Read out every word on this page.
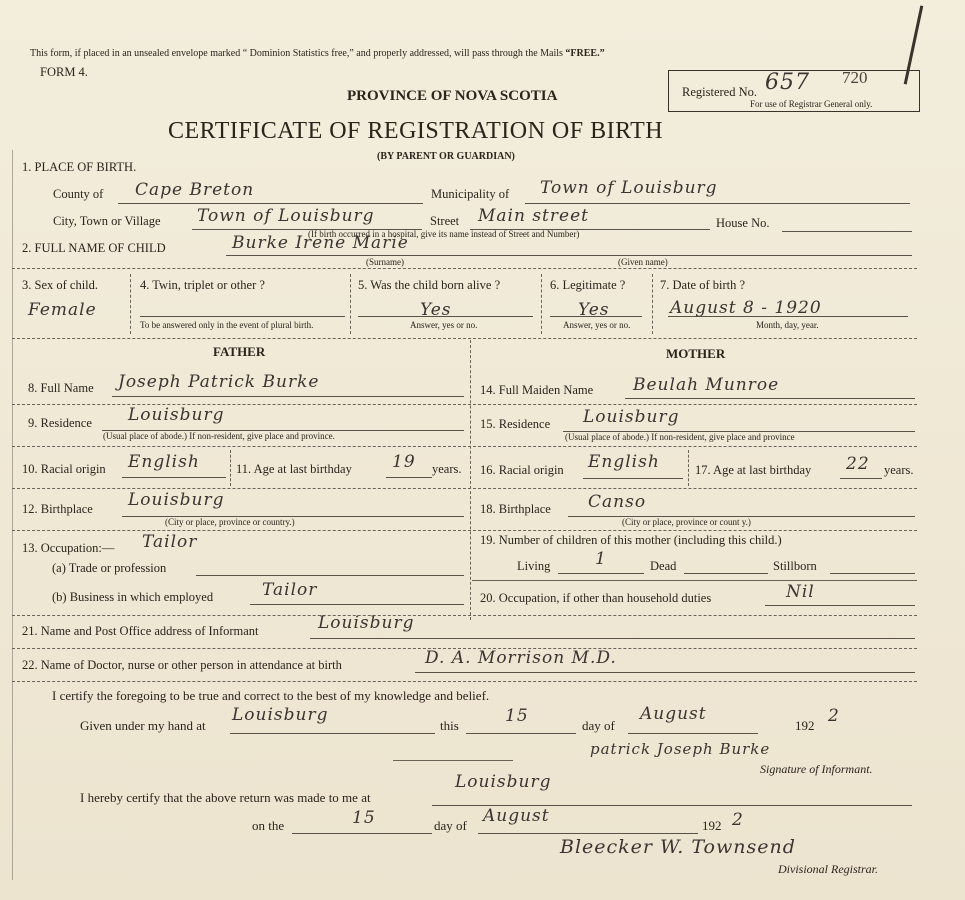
This form, if placed in an unsealed envelope marked “ Dominion Statistics free,” and properly addressed, will pass through the Mails “FREE.”
FORM 4.
PROVINCE OF NOVA SCOTIA
CERTIFICATE OF REGISTRATION OF BIRTH
(BY PARENT OR GUARDIAN)
Registered No. 657 720
For use of Registrar General only.
1. PLACE OF BIRTH.
County of Cape Breton	Municipality of Town of Louisburg
City, Town or Village Town of Louisburg	Street Main street	House No.
(If birth occurred in a hospital, give its name instead of Street and Number)
2. FULL NAME OF CHILD	Burke Irene Marie
(Surname)	(Given name)
3. Sex of child.
Female
4. Twin, triplet or other ?
To be answered only in the event of plural birth.
5. Was the child born alive ?
Yes
Answer, yes or no.
6. Legitimate ?
Yes
Answer, yes or no.
7. Date of birth ?
August 8 - 1920
Month, day, year.
FATHER	MOTHER
8. Full Name Joseph Patrick Burke	14. Full Maiden Name Beulah Munroe
9. Residence Louisburg
(Usual place of abode.) If non-resident, give place and province.
15. Residence Louisburg
(Usual place of abode.) If non-resident, give place and province
10. Racial origin English	11. Age at last birthday 19 years. 16. Racial origin English	17. Age at last birthday 22 years.
12. Birthplace Louisburg
(City or place, province or country.)
18. Birthplace Canso
(City or place, province or count y.)
13. Occupation:— Tailor
(a) Trade or profession
(b) Business in which employed	Tailor
19. Number of children of this mother (including this child.)
Living	1	Dead	Stillborn
20. Occupation, if other than household duties	Nil
21. Name and Post Office address of Informant	Louisburg
22. Name of Doctor, nurse or other person in attendance at birth	D. A. Morrison M.D.
I certify the foregoing to be true and correct to the best of my knowledge and belief.
Given under my hand at
Louisburg
this	15	day of
August
192 2
patrick Joseph Burke
Signature of Informant.
I hereby certify that the above return was made to me at
Louisburg
on the	15	day of August	192 2
Bleecker W. Townsend
Divisional Registrar.
